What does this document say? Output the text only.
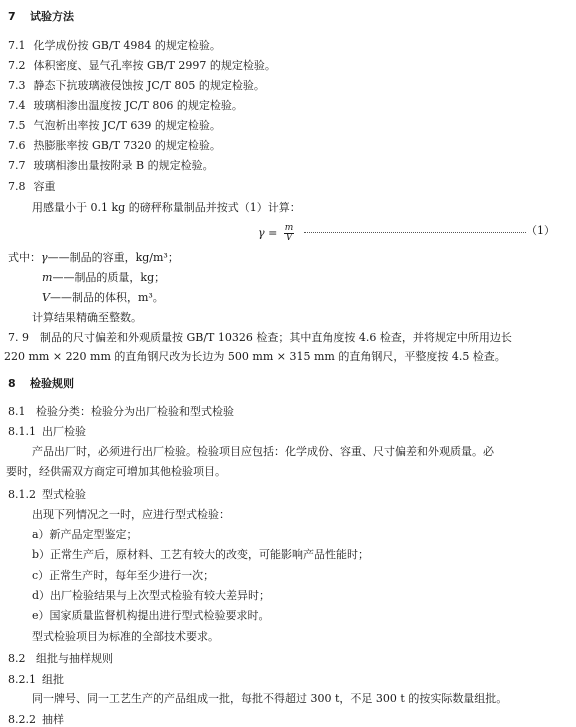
7 试验方法
7.1 化学成份按 GB/T 4984 的规定检验。
7.2 体积密度、显气孔率按 GB/T 2997 的规定检验。
7.3 静态下抗玻璃液侵蚀按 JC/T 805 的规定检验。
7.4 玻璃相渗出温度按 JC/T 806 的规定检验。
7.5 气泡析出率按 JC/T 639 的规定检验。
7.6 热膨胀率按 GB/T 7320 的规定检验。
7.7 玻璃相渗出量按附录 B 的规定检验。
7.8 容重
用感量小于 0.1 kg 的磅秤称量制品并按式（1）计算：
$\gamma = \frac{m}{V}$	（1）
式中：γ——制品的容重，kg/m³；
m——制品的质量，kg；
V——制品的体积，m³。
计算结果精确至整数。
7. 9　制品的尺寸偏差和外观质量按 GB/T 10326 检查；其中直角度按 4.6 检查，并将规定中所用边长
220 mm × 220 mm 的直角钢尺改为长边为 500 mm × 315 mm 的直角钢尺，平整度按 4.5 检查。
8 检验规则
8.1 检验分类：检验分为出厂检验和型式检验
8.1.1 出厂检验
产品出厂时，必须进行出厂检验。检验项目应包括：化学成份、容重、尺寸偏差和外观质量。必
要时，经供需双方商定可增加其他检验项目。
8.1.2 型式检验
出现下列情况之一时，应进行型式检验：
a）新产品定型鉴定；
b）正常生产后，原材料、工艺有较大的改变，可能影响产品性能时；
c）正常生产时，每年至少进行一次；
d）出厂检验结果与上次型式检验有较大差异时；
e）国家质量监督机构提出进行型式检验要求时。
型式检验项目为标准的全部技术要求。
8.2 组批与抽样规则
8.2.1 组批
同一牌号、同一工艺生产的产品组成一批，每批不得超过 300 t，不足 300 t 的按实际数量组批。
8.2.2 抽样
